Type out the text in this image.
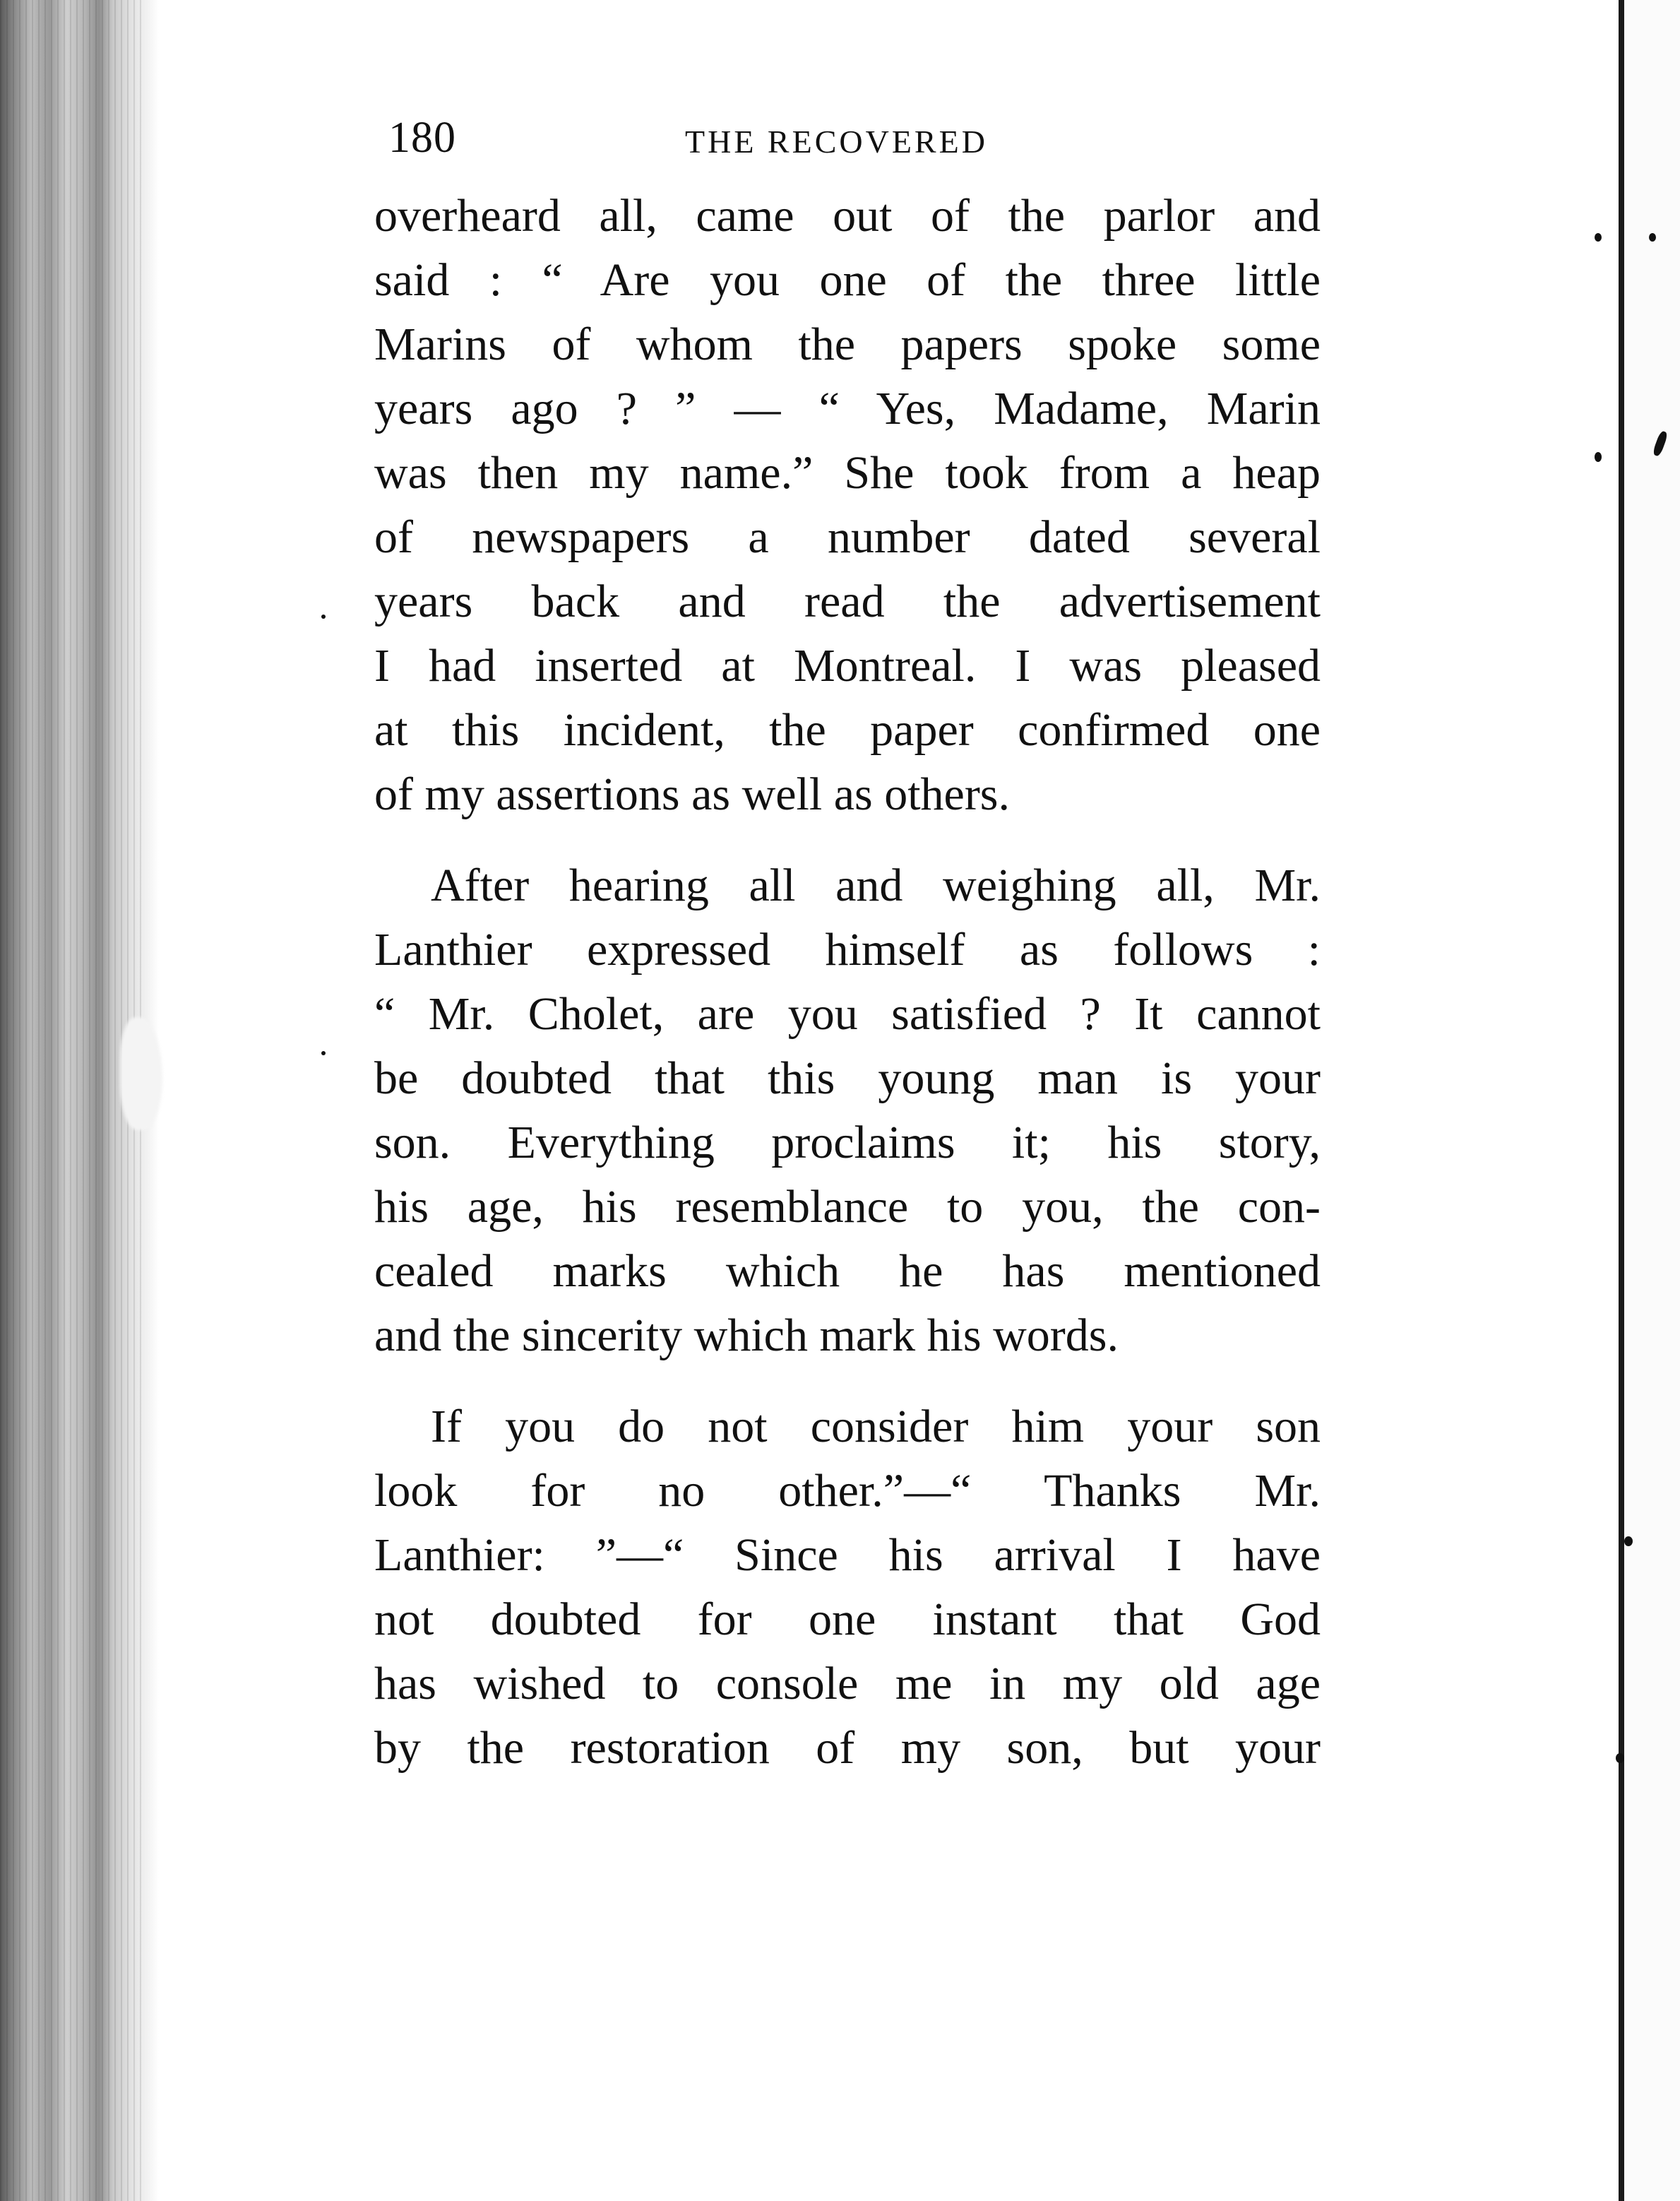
180	THE RECOVERED
overheard all, came out of the parlor and
said : “ Are you one of the three little
Marins of whom the papers spoke some
years ago ? ” — “ Yes, Madame, Marin
was then my name.” She took from a heap
of newspapers a number dated several
years back and read the advertisement
I had inserted at Montreal. I was pleased
at this incident, the paper confirmed one
of my assertions as well as others.
After hearing all and weighing all, Mr.
Lanthier expressed himself as follows :
“ Mr. Cholet, are you satisfied ? It cannot
be doubted that this young man is your
son. Everything proclaims it; his story,
his age, his resemblance to you, the con-
cealed marks which he has mentioned
and the sincerity which mark his words.
If you do not consider him your son
look for no other.”—“ Thanks Mr.
Lanthier: ”—“ Since his arrival I have
not doubted for one instant that God
has wished to console me in my old age
by the restoration of my son, but your
